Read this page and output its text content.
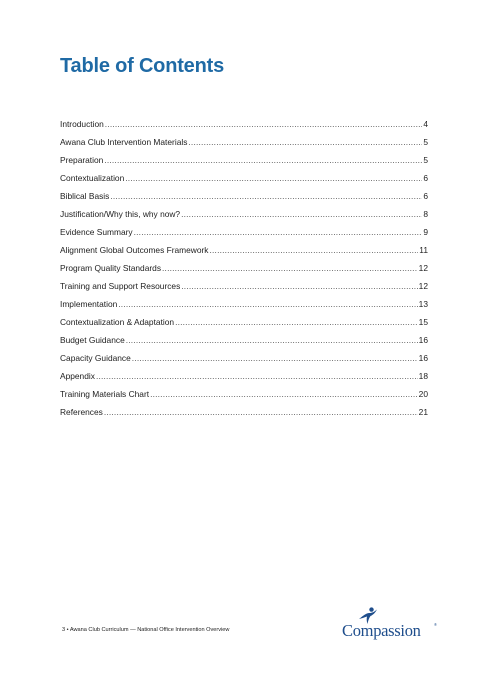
Table of Contents
Introduction .....	4
Awana Club Intervention Materials .....	5
Preparation .....	5
Contextualization .....	6
Biblical Basis .....	6
Justification/Why this, why now? .....	8
Evidence Summary .....	9
Alignment Global Outcomes Framework .....	11
Program Quality Standards .....	12
Training and Support Resources .....	12
Implementation .....	13
Contextualization & Adaptation .....	15
Budget Guidance .....	16
Capacity Guidance .....	16
Appendix .....	18
Training Materials Chart .....	20
References .....	21
3 • Awana Club Curriculum — National Office Intervention Overview	Compassion	®
